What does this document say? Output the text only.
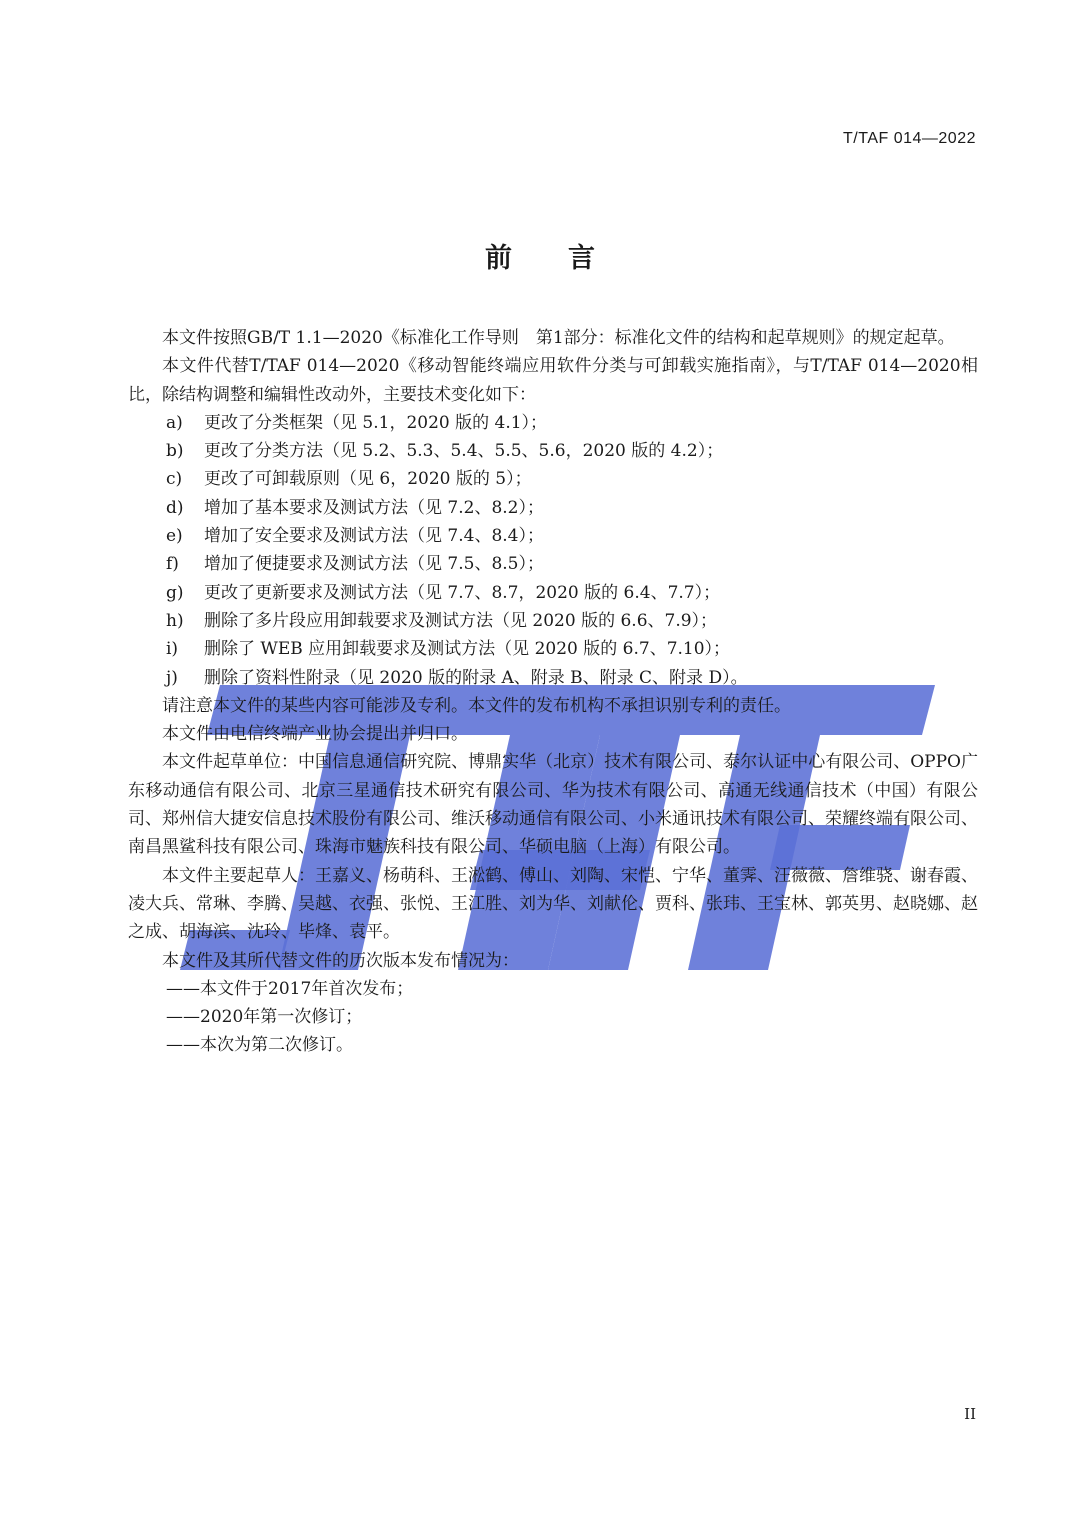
T/TAF 014—2022
前言

本文件按照GB/T 1.1—2020《标准化工作导则　第1部分：标准化文件的结构和起草规则》的规定起草。

本文件代替T/TAF 014—2020《移动智能终端应用软件分类与可卸载实施指南》，与T/TAF 014—2020相比，除结构调整和编辑性改动外，主要技术变化如下：

a)	更改了分类框架（见 5.1，2020 版的 4.1）；

b)	更改了分类方法（见 5.2、5.3、5.4、5.5、5.6，2020 版的 4.2）；

c)	更改了可卸载原则（见 6，2020 版的 5）；

d)	增加了基本要求及测试方法（见 7.2、8.2）；

e)	增加了安全要求及测试方法（见 7.4、8.4）；

f)	增加了便捷要求及测试方法（见 7.5、8.5）；

g)	更改了更新要求及测试方法（见 7.7、8.7，2020 版的 6.4、7.7）；

h)	删除了多片段应用卸载要求及测试方法（见 2020 版的 6.6、7.9）；

i)	删除了 WEB 应用卸载要求及测试方法（见 2020 版的 6.7、7.10）；

j)	删除了资料性附录（见 2020 版的附录 A、附录 B、附录 C、附录 D）。

请注意本文件的某些内容可能涉及专利。本文件的发布机构不承担识别专利的责任。

本文件由电信终端产业协会提出并归口。

本文件起草单位：中国信息通信研究院、博鼎实华（北京）技术有限公司、泰尔认证中心有限公司、OPPO广东移动通信有限公司、北京三星通信技术研究有限公司、华为技术有限公司、高通无线通信技术（中国）有限公司、郑州信大捷安信息技术股份有限公司、维沃移动通信有限公司、小米通讯技术有限公司、荣耀终端有限公司、南昌黑鲨科技有限公司、珠海市魅族科技有限公司、华硕电脑（上海）有限公司。

本文件主要起草人：王嘉义、杨萌科、王淞鹤、傅山、刘陶、宋恺、宁华、董霁、汪薇薇、詹维骁、谢春霞、凌大兵、常琳、李腾、吴越、衣强、张悦、王江胜、刘为华、刘献伦、贾科、张玮、王宝林、郭英男、赵晓娜、赵之成、胡海滨、沈玲、毕烽、袁平。

本文件及其所代替文件的历次版本发布情况为：

——本文件于2017年首次发布；

——2020年第一次修订；

——本次为第二次修订。

II
